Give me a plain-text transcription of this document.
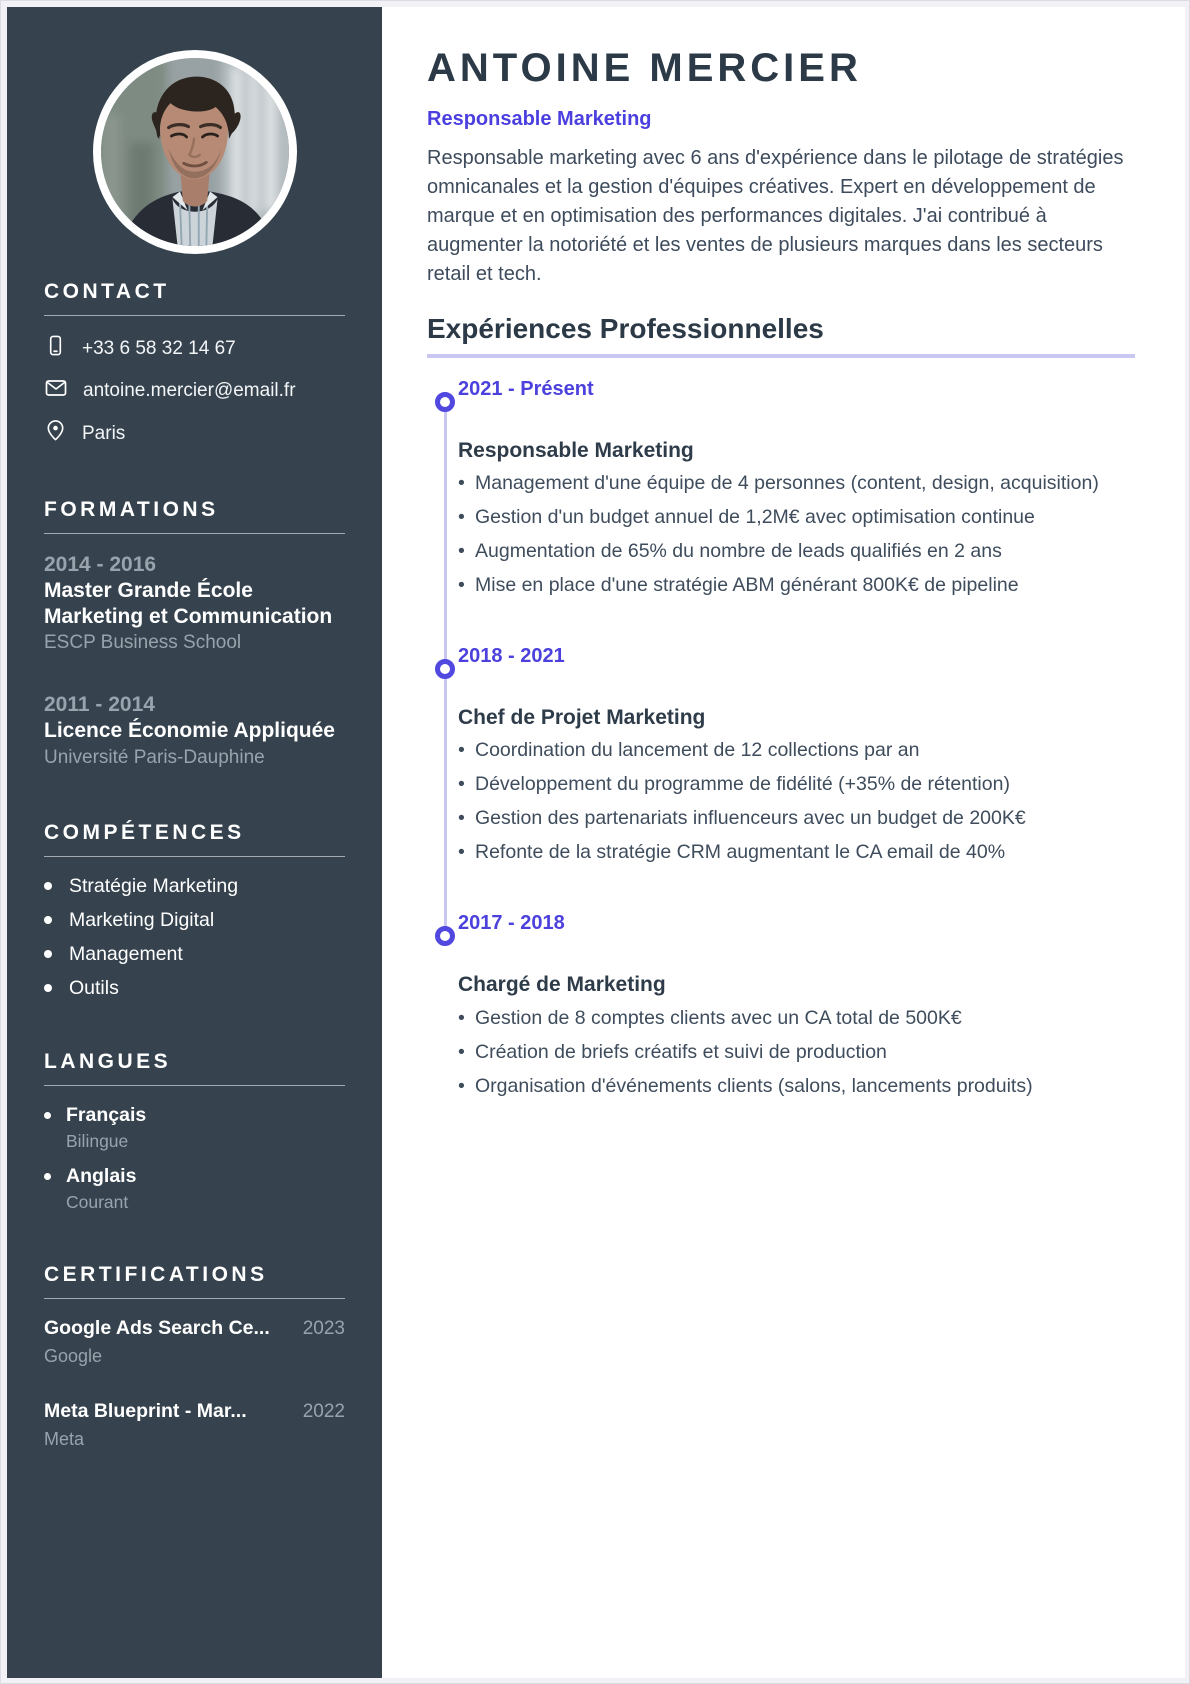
CONTACT
+33 6 58 32 14 67
antoine.mercier@email.fr
Paris
FORMATIONS
2014 - 2016
Master Grande École Marketing et Communication
ESCP Business School
2011 - 2014
Licence Économie Appliquée
Université Paris-Dauphine
COMPÉTENCES
Stratégie Marketing
Marketing Digital
Management
Outils
LANGUES
Français
Bilingue
Anglais
Courant
CERTIFICATIONS
Google Ads Search Ce... 2023
Google
Meta Blueprint - Mar...	2022
Meta
ANTOINE MERCIER
Responsable Marketing

Responsable marketing avec 6 ans d'expérience dans le pilotage de stratégies omnicanales et la gestion d'équipes créatives. Expert en développement de marque et en optimisation des performances digitales. J'ai contribué à augmenter la notoriété et les ventes de plusieurs marques dans les secteurs retail et tech.

Expériences Professionnelles
2021 - Présent
Responsable Marketing
• Management d'une équipe de 4 personnes (content, design, acquisition)
• Gestion d'un budget annuel de 1,2M€ avec optimisation continue
• Augmentation de 65% du nombre de leads qualifiés en 2 ans
• Mise en place d'une stratégie ABM générant 800K€ de pipeline
2018 - 2021
Chef de Projet Marketing
• Coordination du lancement de 12 collections par an
• Développement du programme de fidélité (+35% de rétention)
• Gestion des partenariats influenceurs avec un budget de 200K€
• Refonte de la stratégie CRM augmentant le CA email de 40%
2017 - 2018
Chargé de Marketing
• Gestion de 8 comptes clients avec un CA total de 500K€
• Création de briefs créatifs et suivi de production
• Organisation d'événements clients (salons, lancements produits)
